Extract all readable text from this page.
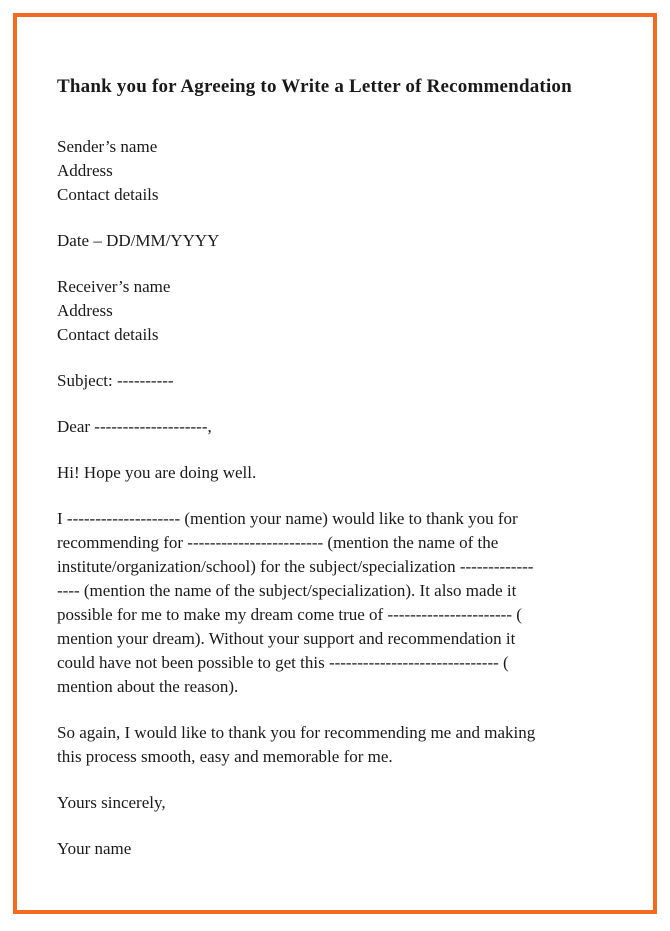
Thank you for Agreeing to Write a Letter of Recommendation
Sender’s name
Address
Contact details
Date – DD/MM/YYYY
Receiver’s name
Address
Contact details
Subject: ----------
Dear --------------------,
Hi! Hope you are doing well.
I -------------------- (mention your name) would like to thank you for
recommending for ------------------------ (mention the name of the
institute/organization/school) for the subject/specialization -------------
---- (mention the name of the subject/specialization). It also made it
possible for me to make my dream come true of ---------------------- (
mention your dream). Without your support and recommendation it
could have not been possible to get this ------------------------------ (
mention about the reason).
So again, I would like to thank you for recommending me and making
this process smooth, easy and memorable for me.
Yours sincerely,
Your name
